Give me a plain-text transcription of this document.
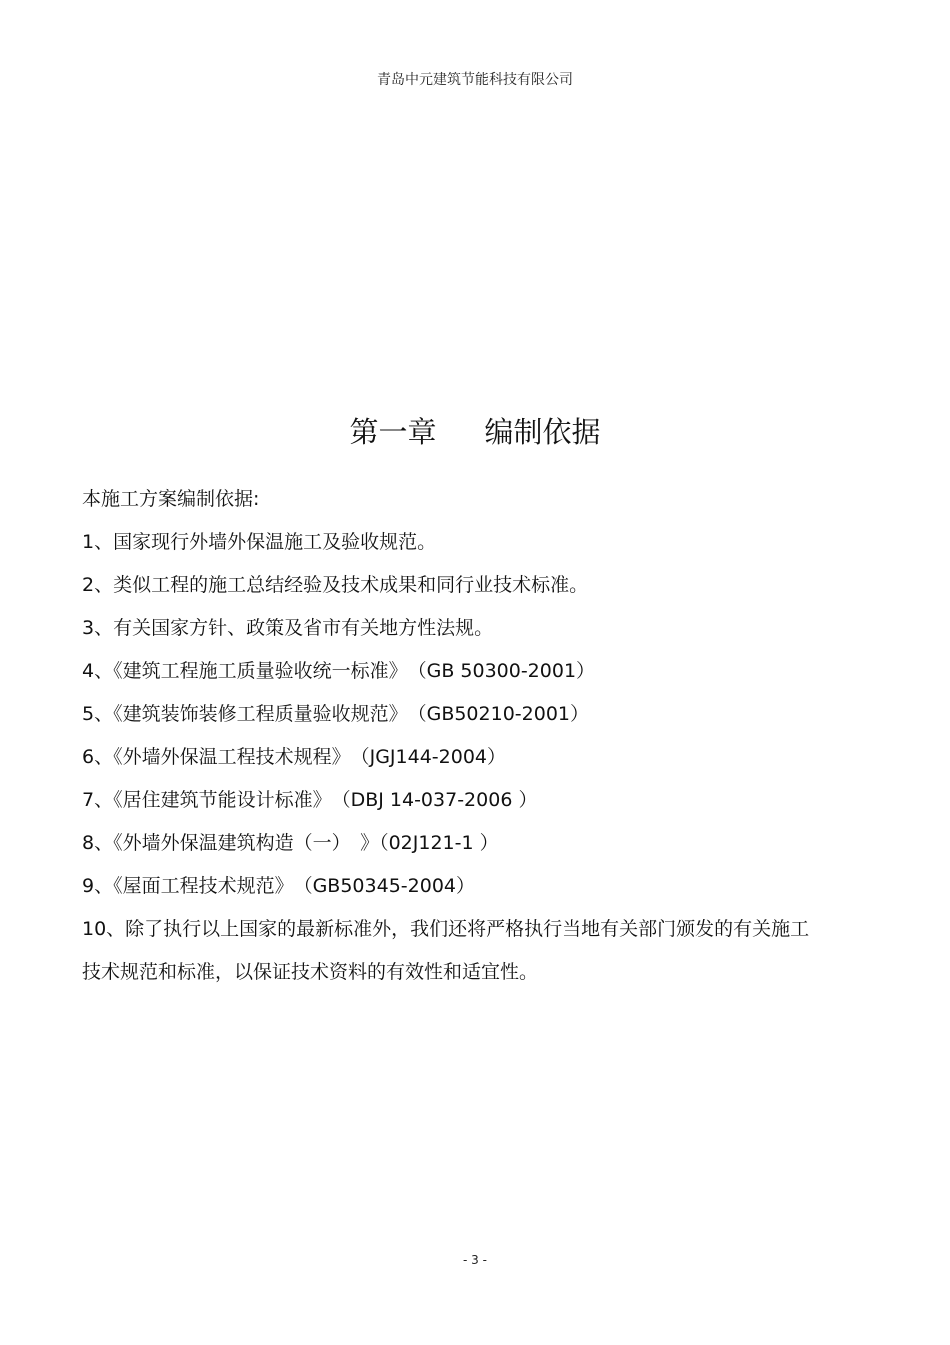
青岛中元建筑节能科技有限公司
第一章 编制依据

本施工方案编制依据:

1、国家现行外墙外保温施工及验收规范。

2、类似工程的施工总结经验及技术成果和同行业技术标准。

3、有关国家方针、政策及省市有关地方性法规。

4、《建筑工程施工质量验收统一标准》　（GB 50300-2001）

5、《建筑装饰装修工程质量验收规范》　（GB50210-2001）

6、《外墙外保温工程技术规程》　（JGJ144-2004）

7、《居住建筑节能设计标准》　（DBJ 14-037-2006 ）

8、《外墙外保温建筑构造（一）　》（02J121-1 ）

9、《屋面工程技术规范》　（GB50345-2004）

10、除了执行以上国家的最新标准外，我们还将严格执行当地有关部门颁发的有关施工技术规范和标准，以保证技术资料的有效性和适宜性。

- 3 -
